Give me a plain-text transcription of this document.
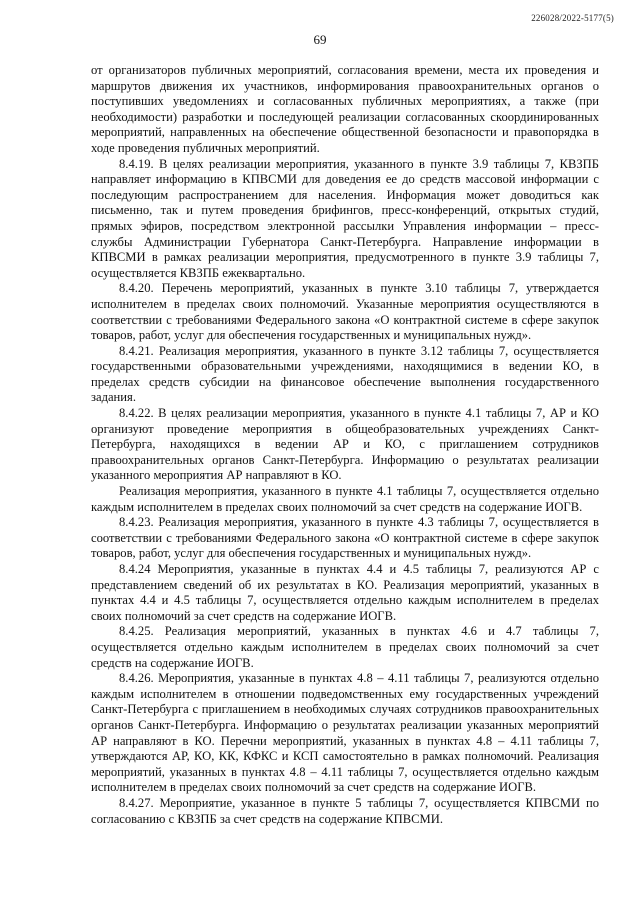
226028/2022-5177(5)
69

от организаторов публичных мероприятий, согласования времени, места их проведения и маршрутов движения их участников, информирования правоохранительных органов о поступивших уведомлениях и согласованных публичных мероприятиях, а также (при необходимости) разработки и последующей реализации согласованных скоординированных мероприятий, направленных на обеспечение общественной безопасности и правопорядка в ходе проведения публичных мероприятий.

8.4.19. В целях реализации мероприятия, указанного в пункте 3.9 таблицы 7, КВЗПБ направляет информацию в КПВСМИ для доведения ее до средств массовой информации с последующим распространением для населения. Информация может доводиться как письменно, так и путем проведения брифингов, пресс-конференций, открытых студий, прямых эфиров, посредством электронной рассылки Управления информации – пресс-службы Администрации Губернатора Санкт-Петербурга. Направление информации в КПВСМИ в рамках реализации мероприятия, предусмотренного в пункте 3.9 таблицы 7, осуществляется КВЗПБ ежеквартально.

8.4.20. Перечень мероприятий, указанных в пункте 3.10 таблицы 7, утверждается исполнителем в пределах своих полномочий. Указанные мероприятия осуществляются в соответствии с требованиями Федерального закона «О контрактной системе в сфере закупок товаров, работ, услуг для обеспечения государственных и муниципальных нужд».

8.4.21. Реализация мероприятия, указанного в пункте 3.12 таблицы 7, осуществляется государственными образовательными учреждениями, находящимися в ведении КО, в пределах средств субсидии на финансовое обеспечение выполнения государственного задания.

8.4.22. В целях реализации мероприятия, указанного в пункте 4.1 таблицы 7, АР и КО организуют проведение мероприятия в общеобразовательных учреждениях Санкт-Петербурга, находящихся в ведении АР и КО, с приглашением сотрудников правоохранительных органов Санкт-Петербурга. Информацию о результатах реализации указанного мероприятия АР направляют в КО.

Реализация мероприятия, указанного в пункте 4.1 таблицы 7, осуществляется отдельно каждым исполнителем в пределах своих полномочий за счет средств на содержание ИОГВ.

8.4.23. Реализация мероприятия, указанного в пункте 4.3 таблицы 7, осуществляется в соответствии с требованиями Федерального закона «О контрактной системе в сфере закупок товаров, работ, услуг для обеспечения государственных и муниципальных нужд».

8.4.24 Мероприятия, указанные в пунктах 4.4 и 4.5 таблицы 7, реализуются АР с представлением сведений об их результатах в КО. Реализация мероприятий, указанных в пунктах 4.4 и 4.5 таблицы 7, осуществляется отдельно каждым исполнителем в пределах своих полномочий за счет средств на содержание ИОГВ.

8.4.25. Реализация мероприятий, указанных в пунктах 4.6 и 4.7 таблицы 7, осуществляется отдельно каждым исполнителем в пределах своих полномочий за счет средств на содержание ИОГВ.

8.4.26. Мероприятия, указанные в пунктах 4.8 – 4.11 таблицы 7, реализуются отдельно каждым исполнителем в отношении подведомственных ему государственных учреждений Санкт-Петербурга с приглашением в необходимых случаях сотрудников правоохранительных органов Санкт-Петербурга. Информацию о результатах реализации указанных мероприятий АР направляют в КО. Перечни мероприятий, указанных в пунктах 4.8 – 4.11 таблицы 7, утверждаются АР, КО, КК, КФКС и КСП самостоятельно в рамках полномочий. Реализация мероприятий, указанных в пунктах 4.8 – 4.11 таблицы 7, осуществляется отдельно каждым исполнителем в пределах своих полномочий за счет средств на содержание ИОГВ.

8.4.27. Мероприятие, указанное в пункте 5 таблицы 7, осуществляется КПВСМИ по согласованию с КВЗПБ за счет средств на содержание КПВСМИ.
